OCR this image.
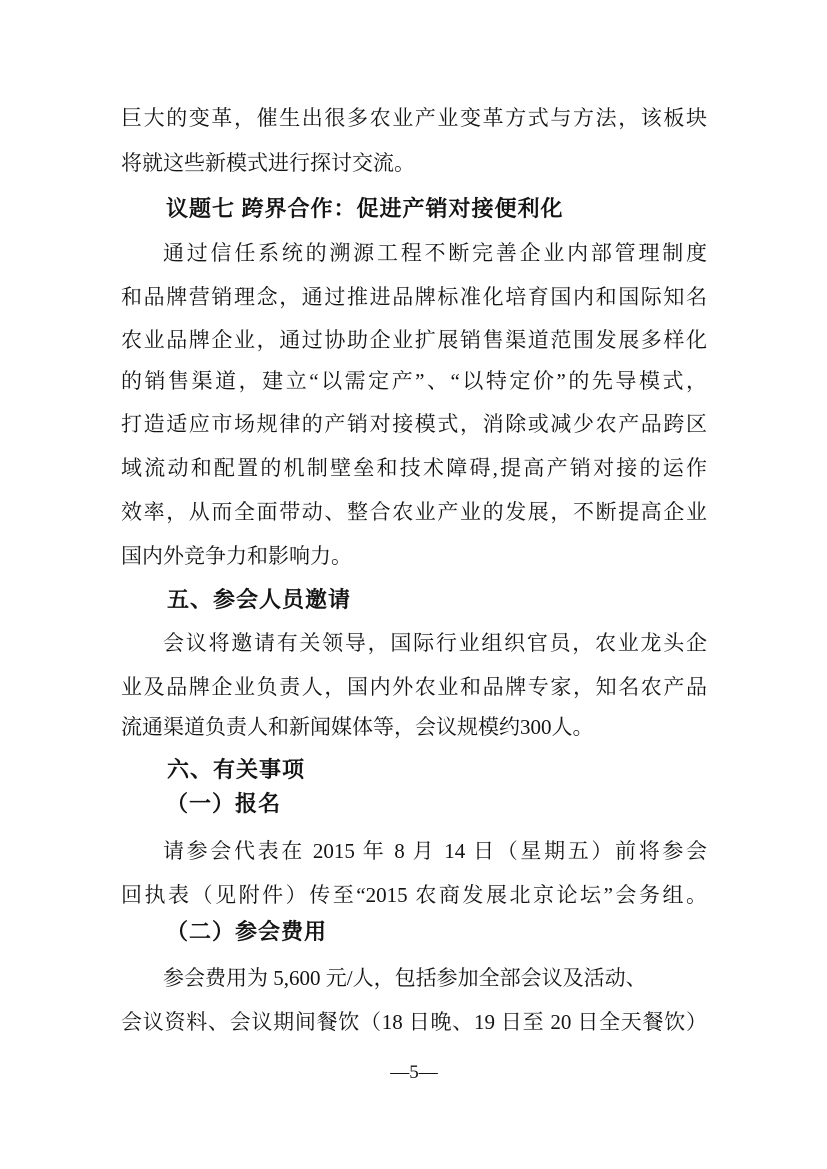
巨大的变革，催生出很多农业产业变革方式与方法，该板块
将就这些新模式进行探讨交流。
议题七 跨界合作：促进产销对接便利化
通过信任系统的溯源工程不断完善企业内部管理制度
和品牌营销理念，通过推进品牌标准化培育国内和国际知名
农业品牌企业，通过协助企业扩展销售渠道范围发展多样化
的销售渠道，建立“以需定产”、“以特定价”的先导模式，
打造适应市场规律的产销对接模式，消除或减少农产品跨区
域流动和配置的机制壁垒和技术障碍,提高产销对接的运作
效率，从而全面带动、整合农业产业的发展，不断提高企业
国内外竞争力和影响力。
五、参会人员邀请
会议将邀请有关领导，国际行业组织官员，农业龙头企
业及品牌企业负责人，国内外农业和品牌专家，知名农产品
流通渠道负责人和新闻媒体等，会议规模约300人。
六、有关事项
（一）报名
请参会代表在 2015 年 8 月 14 日（星期五）前将参会
回执表（见附件）传至“2015 农商发展北京论坛”会务组。
（二）参会费用
参会费用为 5,600 元/人，包括参加全部会议及活动、
会议资料、会议期间餐饮（18 日晚、19 日至 20 日全天餐饮）
—5—
